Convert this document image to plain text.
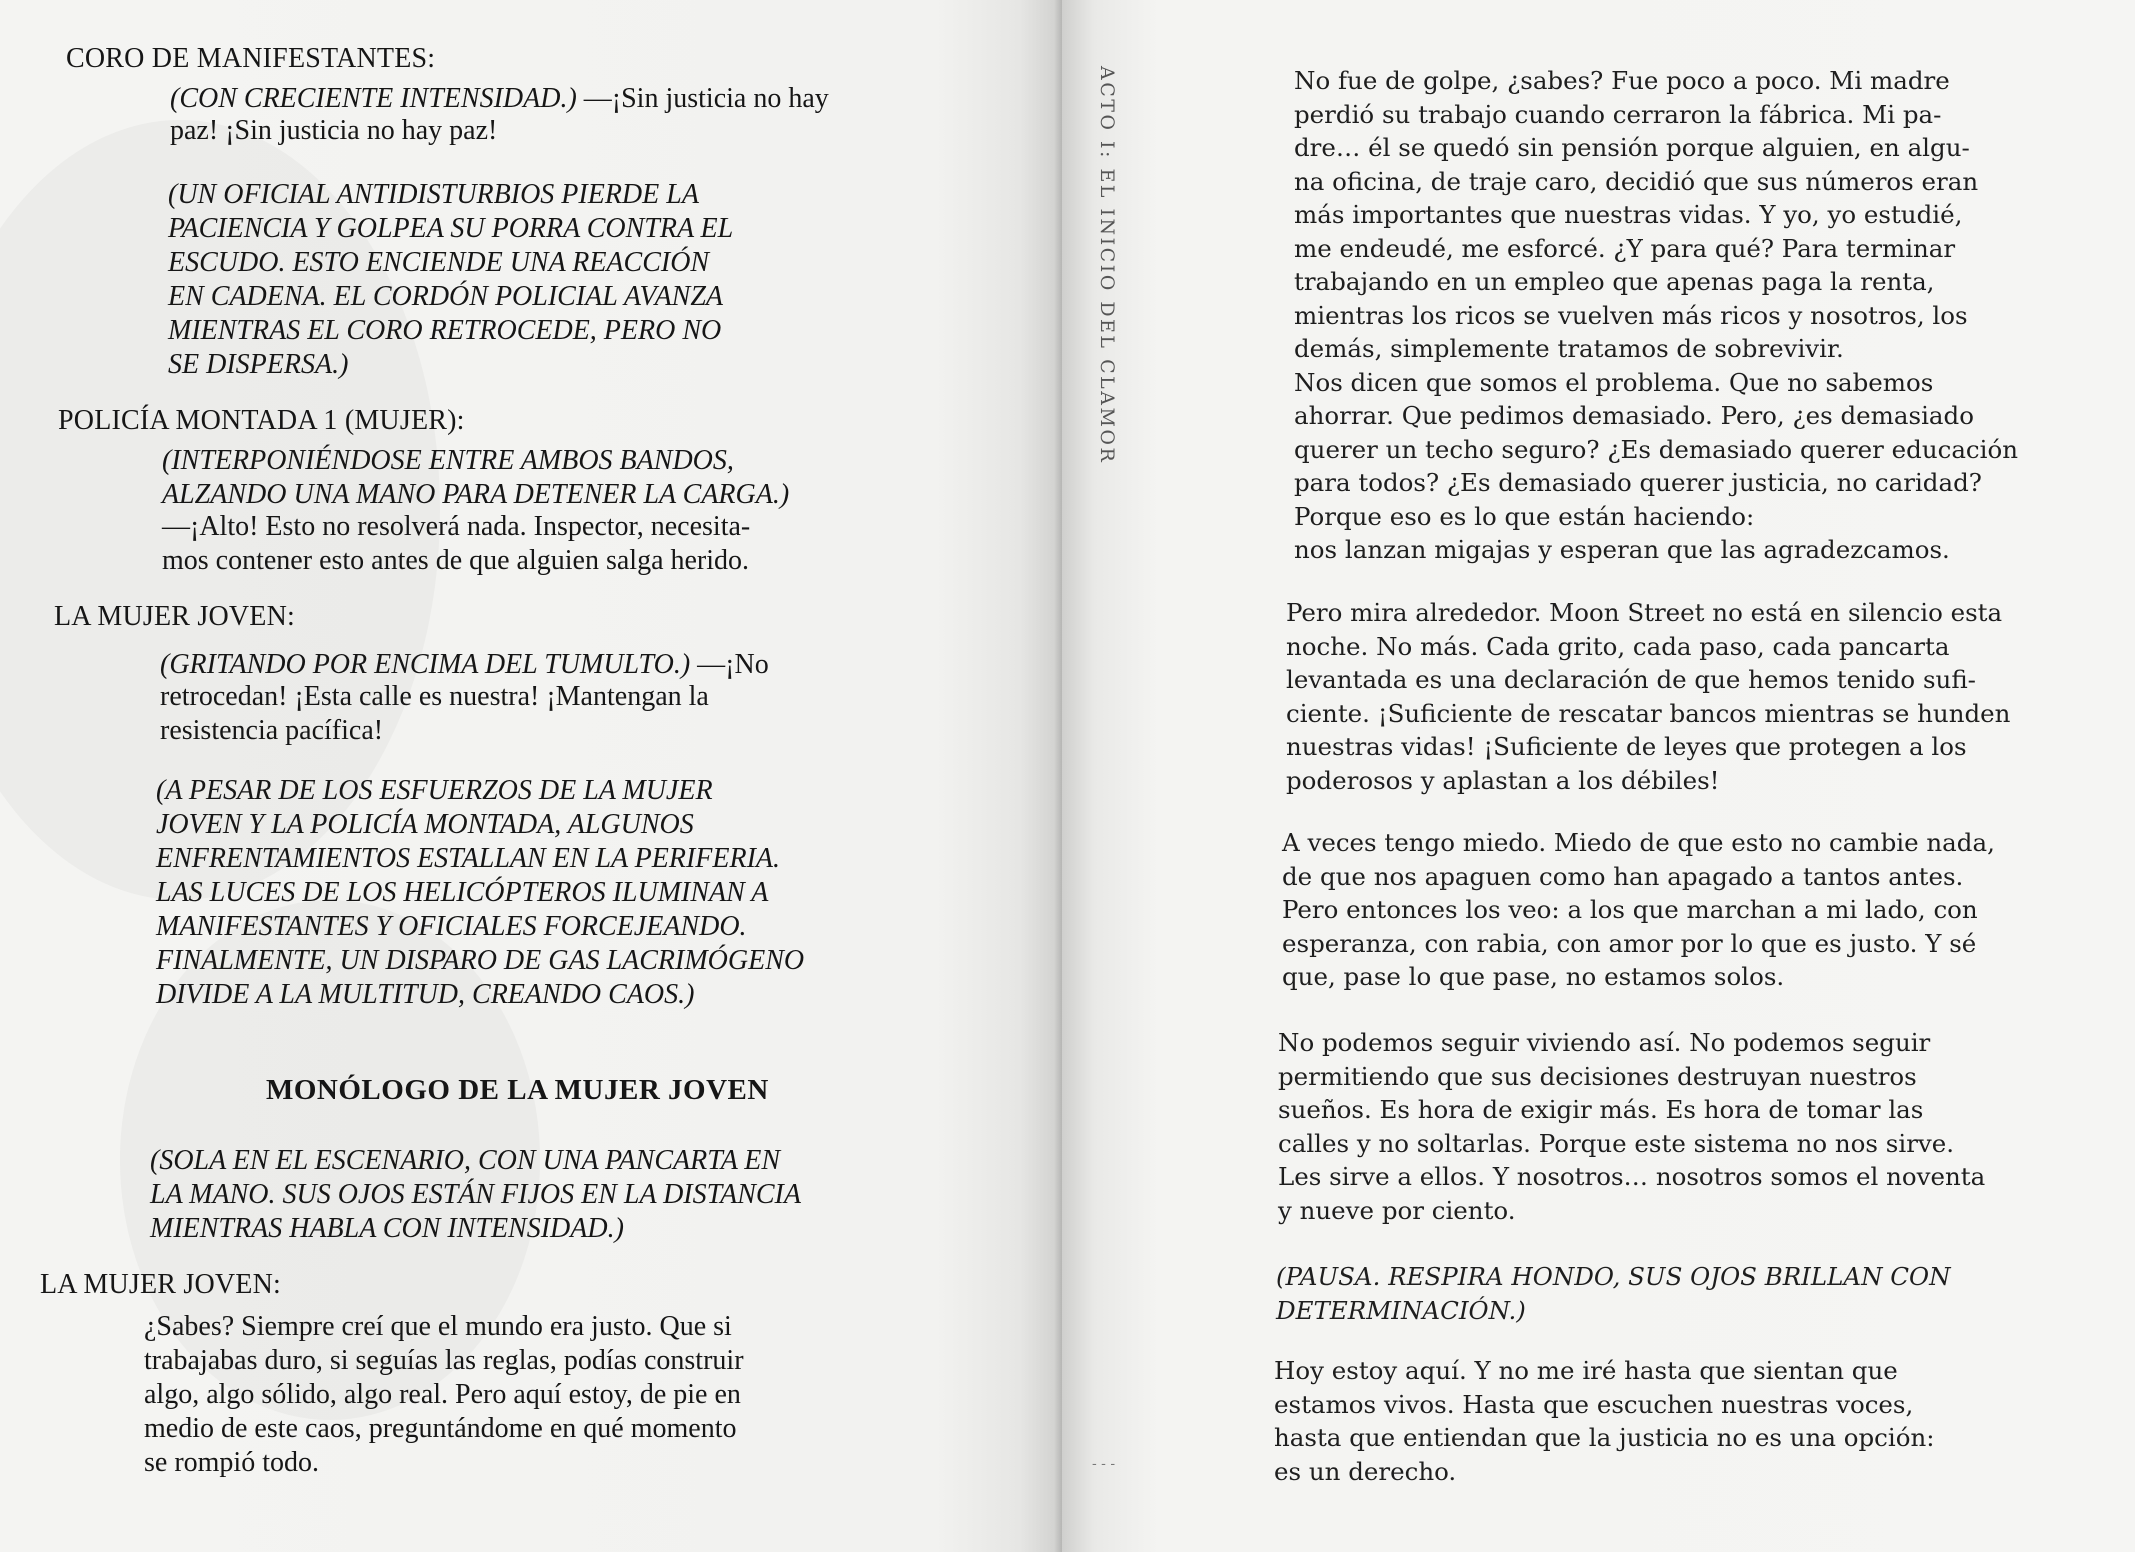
CORO DE MANIFESTANTES:
(CON CRECIENTE INTENSIDAD.) —¡Sin justicia no hay
paz! ¡Sin justicia no hay paz!
(UN OFICIAL ANTIDISTURBIOS PIERDE LA
PACIENCIA Y GOLPEA SU PORRA CONTRA EL
ESCUDO. ESTO ENCIENDE UNA REACCIÓN
EN CADENA. EL CORDÓN POLICIAL AVANZA
MIENTRAS EL CORO RETROCEDE, PERO NO
SE DISPERSA.)
POLICÍA MONTADA 1 (MUJER):
(INTERPONIÉNDOSE ENTRE AMBOS BANDOS,
ALZANDO UNA MANO PARA DETENER LA CARGA.)
—¡Alto! Esto no resolverá nada. Inspector, necesita-
mos contener esto antes de que alguien salga herido.
LA MUJER JOVEN:
(GRITANDO POR ENCIMA DEL TUMULTO.) —¡No
retrocedan! ¡Esta calle es nuestra! ¡Mantengan la
resistencia pacífica!
(A PESAR DE LOS ESFUERZOS DE LA MUJER
JOVEN Y LA POLICÍA MONTADA, ALGUNOS
ENFRENTAMIENTOS ESTALLAN EN LA PERIFERIA.
LAS LUCES DE LOS HELICÓPTEROS ILUMINAN A
MANIFESTANTES Y OFICIALES FORCEJEANDO.
FINALMENTE, UN DISPARO DE GAS LACRIMÓGENO
DIVIDE A LA MULTITUD, CREANDO CAOS.)
MONÓLOGO DE LA MUJER JOVEN
(SOLA EN EL ESCENARIO, CON UNA PANCARTA EN
LA MANO. SUS OJOS ESTÁN FIJOS EN LA DISTANCIA
MIENTRAS HABLA CON INTENSIDAD.)
LA MUJER JOVEN:
¿Sabes? Siempre creí que el mundo era justo. Que si
trabajabas duro, si seguías las reglas, podías construir
algo, algo sólido, algo real. Pero aquí estoy, de pie en
medio de este caos, preguntándome en qué momento
se rompió todo.
No fue de golpe, ¿sabes? Fue poco a poco. Mi madre
perdió su trabajo cuando cerraron la fábrica. Mi pa-
dre… él se quedó sin pensión porque alguien, en algu-
na oficina, de traje caro, decidió que sus números eran
más importantes que nuestras vidas. Y yo, yo estudié,
me endeudé, me esforcé. ¿Y para qué? Para terminar
trabajando en un empleo que apenas paga la renta,
mientras los ricos se vuelven más ricos y nosotros, los
demás, simplemente tratamos de sobrevivir.
Nos dicen que somos el problema. Que no sabemos
ahorrar. Que pedimos demasiado. Pero, ¿es demasiado
querer un techo seguro? ¿Es demasiado querer educación
para todos? ¿Es demasiado querer justicia, no caridad?
Porque eso es lo que están haciendo:
nos lanzan migajas y esperan que las agradezcamos.
Pero mira alrededor. Moon Street no está en silencio esta
noche. No más. Cada grito, cada paso, cada pancarta
levantada es una declaración de que hemos tenido sufi-
ciente. ¡Suficiente de rescatar bancos mientras se hunden
nuestras vidas! ¡Suficiente de leyes que protegen a los
poderosos y aplastan a los débiles!
A veces tengo miedo. Miedo de que esto no cambie nada,
de que nos apaguen como han apagado a tantos antes.
Pero entonces los veo: a los que marchan a mi lado, con
esperanza, con rabia, con amor por lo que es justo. Y sé
que, pase lo que pase, no estamos solos.
No podemos seguir viviendo así. No podemos seguir
permitiendo que sus decisiones destruyan nuestros
sueños. Es hora de exigir más. Es hora de tomar las
calles y no soltarlas. Porque este sistema no nos sirve.
Les sirve a ellos. Y nosotros… nosotros somos el noventa
y nueve por ciento.
(PAUSA. RESPIRA HONDO, SUS OJOS BRILLAN CON
DETERMINACIÓN.)
Hoy estoy aquí. Y no me iré hasta que sientan que
estamos vivos. Hasta que escuchen nuestras voces,
hasta que entiendan que la justicia no es una opción:
es un derecho.
- - -
ACTO I: EL INICIO DEL CLAMOR
